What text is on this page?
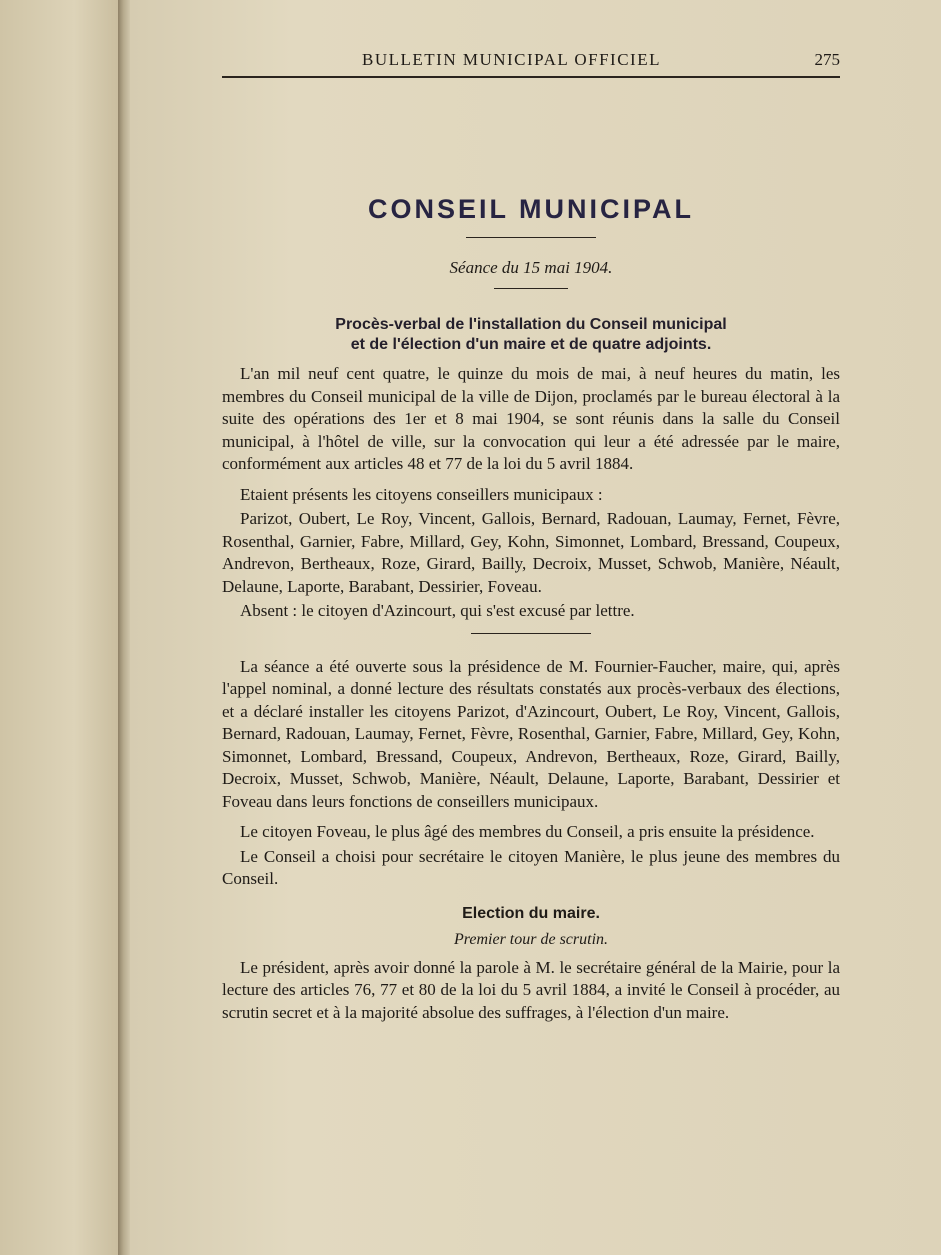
BULLETIN MUNICIPAL OFFICIEL	275
CONSEIL MUNICIPAL
Séance du 15 mai 1904.
Procès-verbal de l'installation du Conseil municipal
et de l'élection d'un maire et de quatre adjoints.

L'an mil neuf cent quatre, le quinze du mois de mai, à neuf heures du matin, les membres du Conseil municipal de la ville de Dijon, proclamés par le bureau électoral à la suite des opérations des 1er et 8 mai 1904, se sont réunis dans la salle du Conseil municipal, à l'hôtel de ville, sur la convocation qui leur a été adressée par le maire, conformément aux articles 48 et 77 de la loi du 5 avril 1884.

Etaient présents les citoyens conseillers municipaux :

Parizot, Oubert, Le Roy, Vincent, Gallois, Bernard, Radouan, Laumay, Fernet, Fèvre, Rosenthal, Garnier, Fabre, Millard, Gey, Kohn, Simonnet, Lombard, Bressand, Coupeux, Andrevon, Bertheaux, Roze, Girard, Bailly, Decroix, Musset, Schwob, Manière, Néault, Delaune, Laporte, Barabant, Dessirier, Foveau.

Absent : le citoyen d'Azincourt, qui s'est excusé par lettre.

La séance a été ouverte sous la présidence de M. Fournier-Faucher, maire, qui, après l'appel nominal, a donné lecture des résultats constatés aux procès-verbaux des élections, et a déclaré installer les citoyens Parizot, d'Azincourt, Oubert, Le Roy, Vincent, Gallois, Bernard, Radouan, Laumay, Fernet, Fèvre, Rosenthal, Garnier, Fabre, Millard, Gey, Kohn, Simonnet, Lombard, Bressand, Coupeux, Andrevon, Bertheaux, Roze, Girard, Bailly, Decroix, Musset, Schwob, Manière, Néault, Delaune, Laporte, Barabant, Dessirier et Foveau dans leurs fonctions de conseillers municipaux.

Le citoyen Foveau, le plus âgé des membres du Conseil, a pris ensuite la présidence.

Le Conseil a choisi pour secrétaire le citoyen Manière, le plus jeune des membres du Conseil.

Election du maire.
Premier tour de scrutin.

Le président, après avoir donné la parole à M. le secrétaire général de la Mairie, pour la lecture des articles 76, 77 et 80 de la loi du 5 avril 1884, a invité le Conseil à procéder, au scrutin secret et à la majorité absolue des suffrages, à l'élection d'un maire.
